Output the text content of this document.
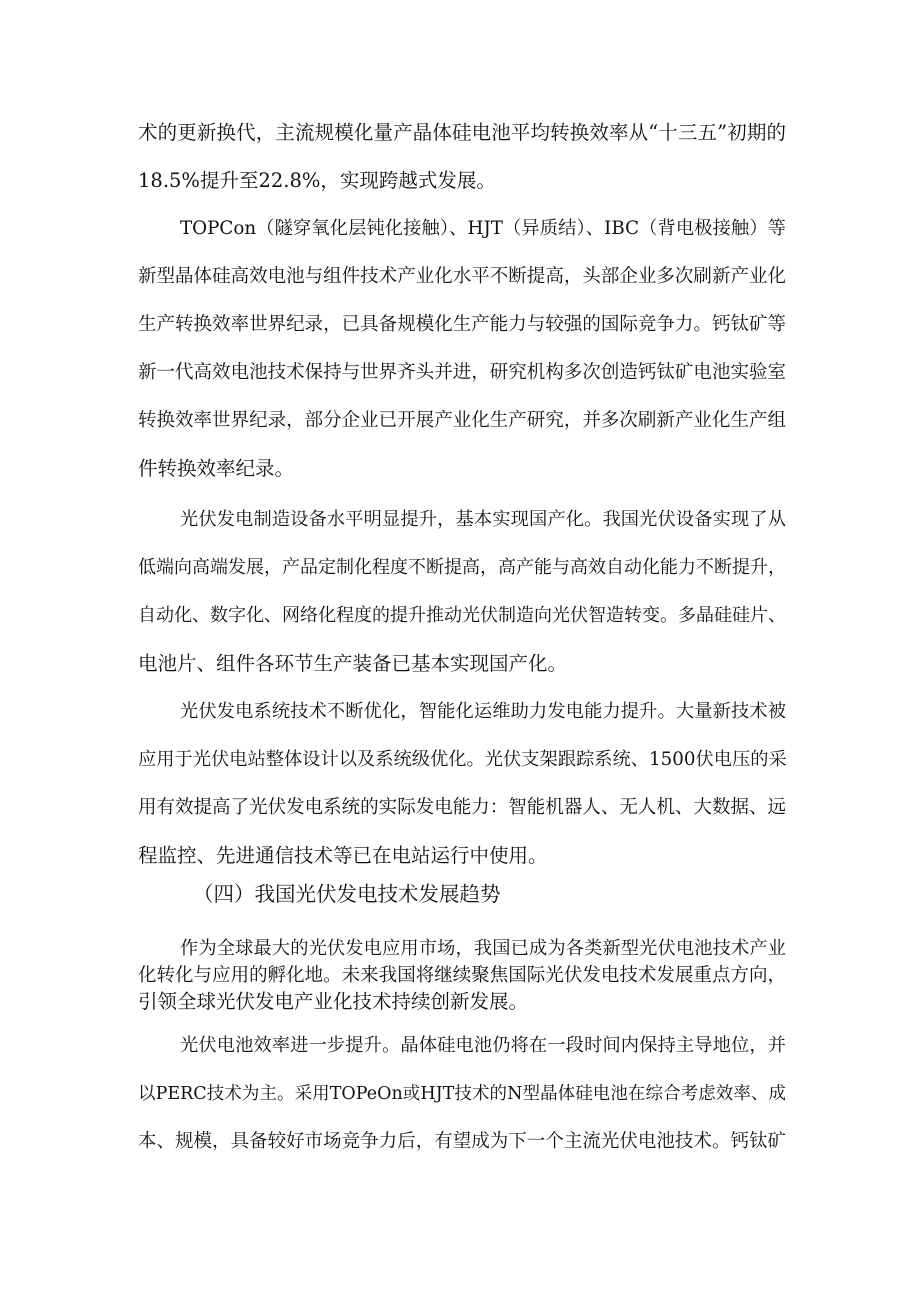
术的更新换代，主流规模化量产晶体硅电池平均转换效率从“十三五”初期的
18.5%提升至22.8%，实现跨越式发展。
TOPCon（隧穿氧化层钝化接触）、HJT（异质结）、IBC（背电极接触）等
新型晶体硅高效电池与组件技术产业化水平不断提高，头部企业多次刷新产业化
生产转换效率世界纪录，已具备规模化生产能力与较强的国际竞争力。钙钛矿等
新一代高效电池技术保持与世界齐头并进，研究机构多次创造钙钛矿电池实验室
转换效率世界纪录，部分企业已开展产业化生产研究，并多次刷新产业化生产组
件转换效率纪录。
光伏发电制造设备水平明显提升，基本实现国产化。我国光伏设备实现了从
低端向高端发展，产品定制化程度不断提高，高产能与高效自动化能力不断提升，
自动化、数字化、网络化程度的提升推动光伏制造向光伏智造转变。多晶硅硅片、
电池片、组件各环节生产装备已基本实现国产化。
光伏发电系统技术不断优化，智能化运维助力发电能力提升。大量新技术被
应用于光伏电站整体设计以及系统级优化。光伏支架跟踪系统、1500伏电压的采
用有效提高了光伏发电系统的实际发电能力：智能机器人、无人机、大数据、远
程监控、先进通信技术等已在电站运行中使用。
（四）我国光伏发电技术发展趋势
作为全球最大的光伏发电应用市场，我国已成为各类新型光伏电池技术产业
化转化与应用的孵化地。未来我国将继续聚焦国际光伏发电技术发展重点方向，
引领全球光伏发电产业化技术持续创新发展。
光伏电池效率进一步提升。晶体硅电池仍将在一段时间内保持主导地位，并
以PERC技术为主。采用TOPeOn或HJT技术的N型晶体硅电池在综合考虑效率、成
本、规模，具备较好市场竞争力后，有望成为下一个主流光伏电池技术。钙钛矿
